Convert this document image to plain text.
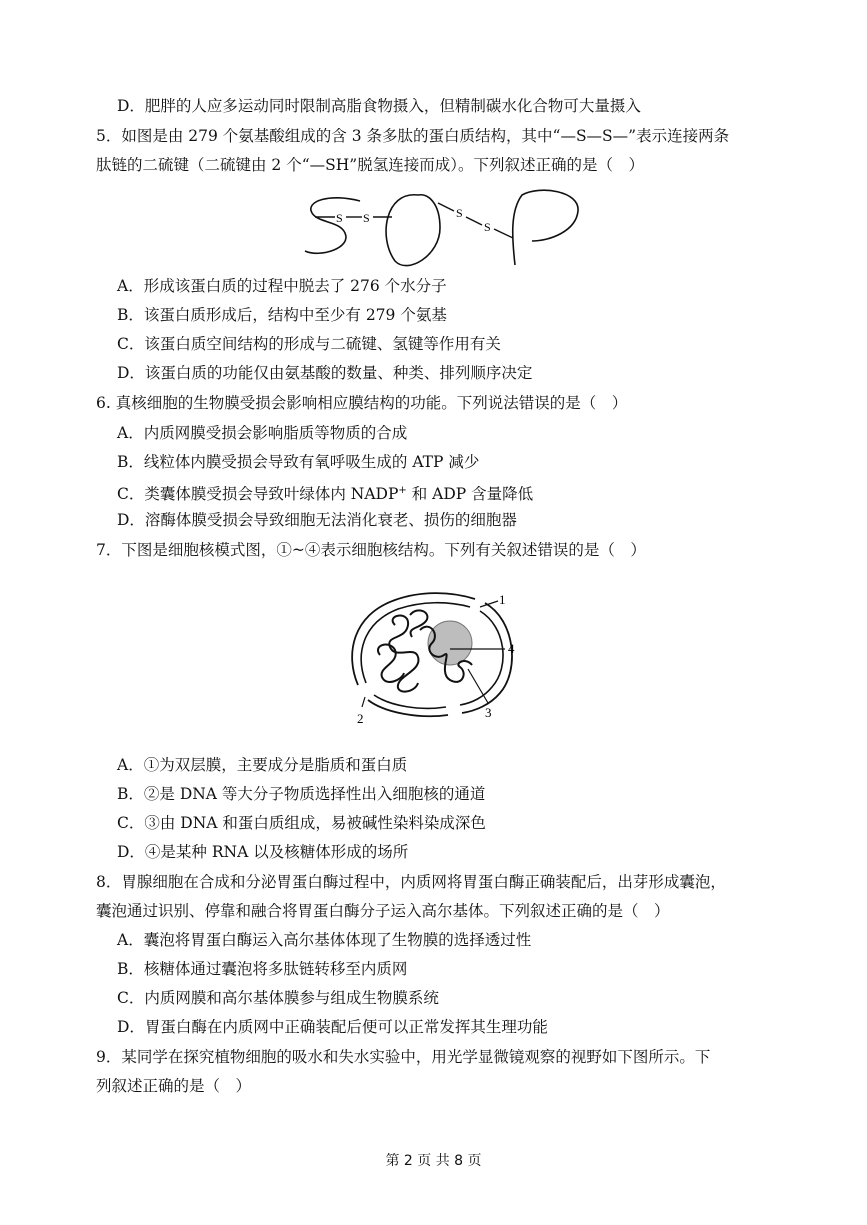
D．肥胖的人应多运动同时限制高脂食物摄入，但精制碳水化合物可大量摄入
5．如图是由 279 个氨基酸组成的含 3 条多肽的蛋白质结构，其中“—S—S—”表示连接两条
肽链的二硫键（二硫键由 2 个“—SH”脱氢连接而成）。下列叙述正确的是（　）
S S	S
S
A．形成该蛋白质的过程中脱去了 276 个水分子
B．该蛋白质形成后，结构中至少有 279 个氨基
C．该蛋白质空间结构的形成与二硫键、氢键等作用有关
D．该蛋白质的功能仅由氨基酸的数量、种类、排列顺序决定
6. 真核细胞的生物膜受损会影响相应膜结构的功能。下列说法错误的是（　）
A．内质网膜受损会影响脂质等物质的合成
B．线粒体内膜受损会导致有氧呼吸生成的 ATP 减少
C．类囊体膜受损会导致叶绿体内 NADP+ 和 ADP 含量降低
D．溶酶体膜受损会导致细胞无法消化衰老、损伤的细胞器
7．下图是细胞核模式图，①~④表示细胞核结构。下列有关叙述错误的是（　）
1
2	3
4
A．①为双层膜，主要成分是脂质和蛋白质
B．②是 DNA 等大分子物质选择性出入细胞核的通道
C．③由 DNA 和蛋白质组成，易被碱性染料染成深色
D．④是某种 RNA 以及核糖体形成的场所
8．胃腺细胞在合成和分泌胃蛋白酶过程中，内质网将胃蛋白酶正确装配后，出芽形成囊泡，
囊泡通过识别、停靠和融合将胃蛋白酶分子运入高尔基体。下列叙述正确的是（　）
A．囊泡将胃蛋白酶运入高尔基体体现了生物膜的选择透过性
B．核糖体通过囊泡将多肽链转移至内质网
C．内质网膜和高尔基体膜参与组成生物膜系统
D．胃蛋白酶在内质网中正确装配后便可以正常发挥其生理功能
9．某同学在探究植物细胞的吸水和失水实验中，用光学显微镜观察的视野如下图所示。下
列叙述正确的是（　）
第 2 页 共 8 页
